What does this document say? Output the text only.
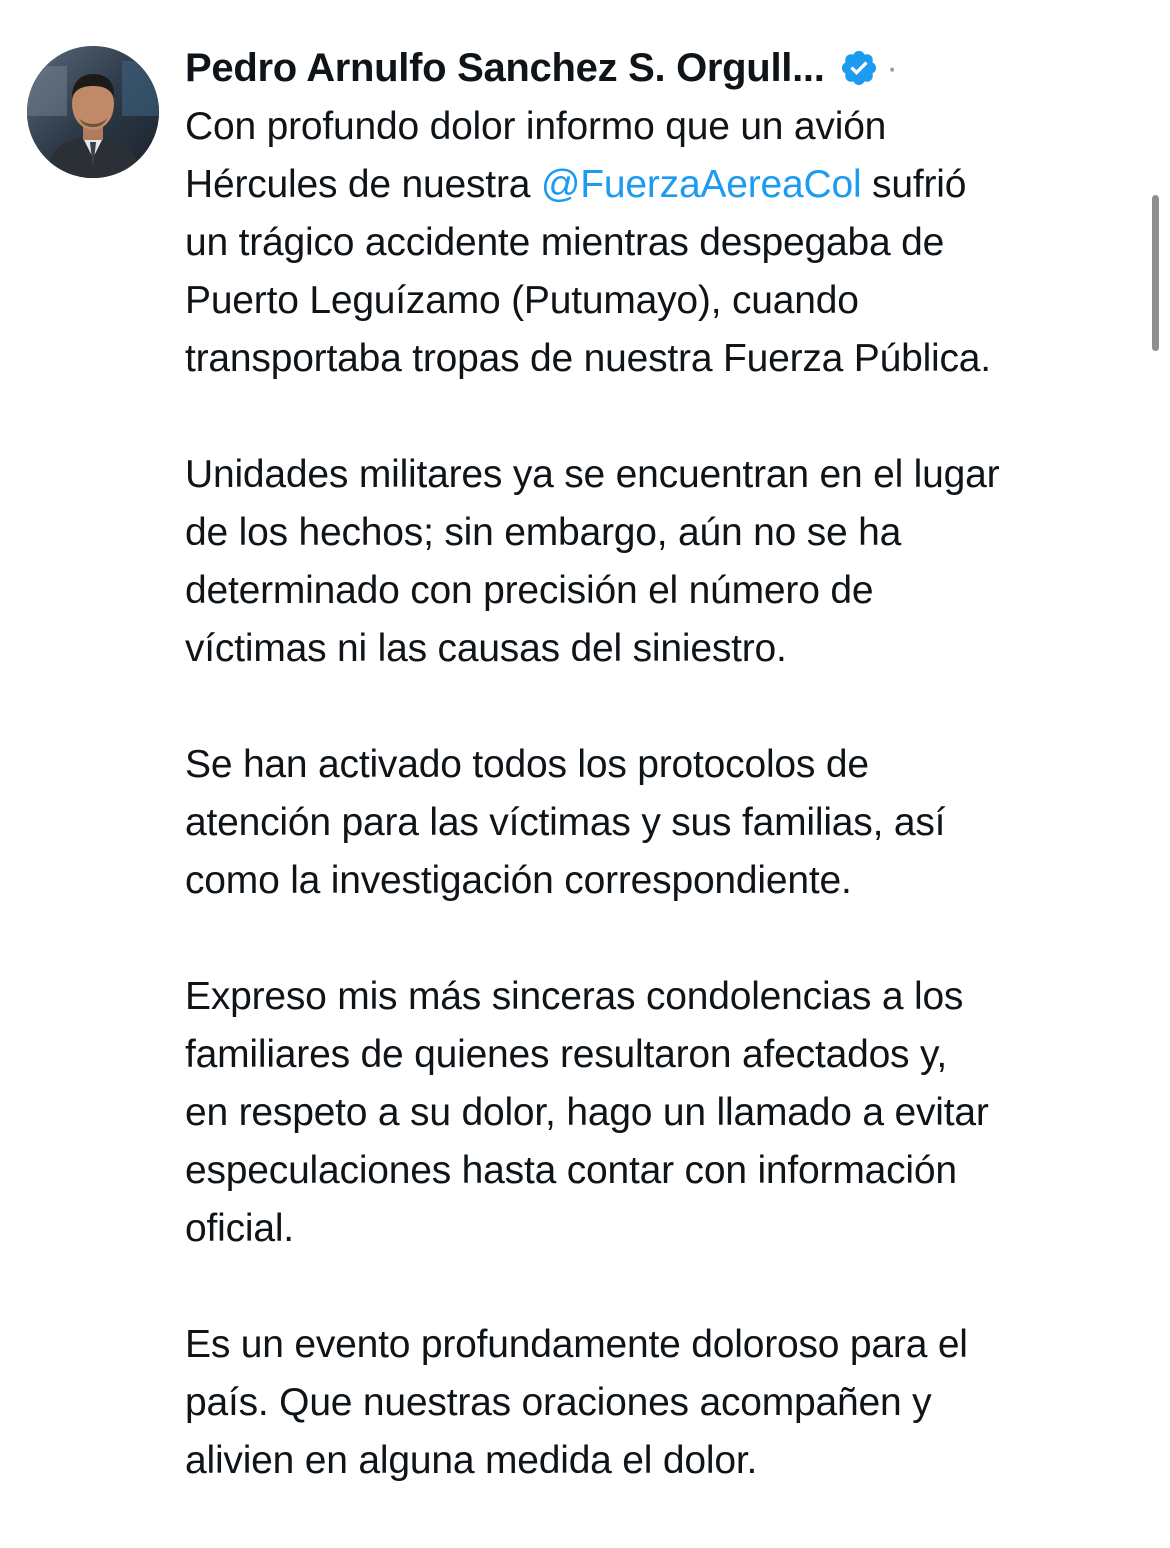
Pedro Arnulfo Sanchez S. Orgull... ·

Con profundo dolor informo que un avión
Hércules de nuestra @FuerzaAereaCol sufrió
un trágico accidente mientras despegaba de
Puerto Leguízamo (Putumayo), cuando
transportaba tropas de nuestra Fuerza Pública.

Unidades militares ya se encuentran en el lugar
de los hechos; sin embargo, aún no se ha
determinado con precisión el número de
víctimas ni las causas del siniestro.

Se han activado todos los protocolos de
atención para las víctimas y sus familias, así
como la investigación correspondiente.

Expreso mis más sinceras condolencias a los
familiares de quienes resultaron afectados y,
en respeto a su dolor, hago un llamado a evitar
especulaciones hasta contar con información
oficial.

Es un evento profundamente doloroso para el
país. Que nuestras oraciones acompañen y
alivien en alguna medida el dolor.
